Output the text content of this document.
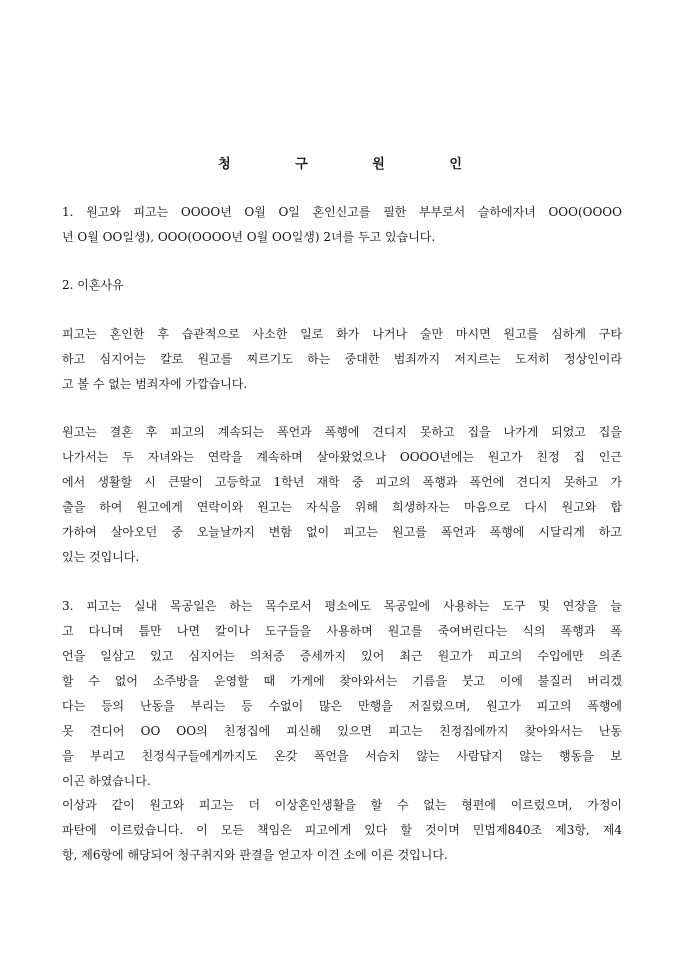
청 구 원 인
1. 원고와 피고는 OOOO년 O월 O일 혼인신고를 필한 부부로서 슬하에자녀 OOO(OOOO
년 O월 OO일생), OOO(OOOO년 O월 OO일생) 2녀를 두고 있습니다.
2. 이혼사유
피고는 혼인한 후 습관적으로 사소한 일로 화가 나거나 술만 마시면 원고를 심하게 구타
하고 심지어는 칼로 원고를 찌르기도 하는 중대한 범죄까지 저지르는 도저히 정상인이라
고 볼 수 없는 범죄자에 가깝습니다.
원고는 결혼 후 피고의 계속되는 폭언과 폭행에 견디지 못하고 집을 나가게 되었고 집을
나가서는 두 자녀와는 연락을 계속하며 살아왔었으나 OOOO년에는 원고가 친정 집 인근
에서 생활할 시 큰딸이 고등학교 1학년 재학 중 피고의 폭행과 폭언에 견디지 못하고 가
출을 하여 원고에게 연락이와 원고는 자식을 위해 희생하자는 마음으로 다시 원고와 합
가하여 살아오던 중 오늘날까지 변함 없이 피고는 원고를 폭언과 폭행에 시달리게 하고
있는 것입니다.
3. 피고는 실내 목공일은 하는 목수로서 평소에도 목공일에 사용하는 도구 및 연장을 늘
고 다니며 틈만 나면 칼이나 도구들을 사용하며 원고를 죽여버린다는 식의 폭행과 폭
언을 일삼고 있고 심지어는 의처증 증세까지 있어 최근 원고가 피고의 수입에만 의존
할 수 없어 소주방을 운영할 때 가게에 찾아와서는 기름을 붓고 이에 불질러 버리겠
다는 등의 난동을 부리는 등 수없이 많은 만행을 저질렀으며, 원고가 피고의 폭행에
못 견디어 OO OO의 친정집에 피신해 있으면 피고는 친정집에까지 찾아와서는 난동
을 부리고 친정식구들에게까지도 온갖 폭언을 서슴치 않는 사람답지 않는 행동을 보
이곤 하였습니다.
이상과 같이 원고와 피고는 더 이상혼인생활을 할 수 없는 형편에 이르렀으며, 가정이
파탄에 이르렀습니다. 이 모든 책임은 피고에게 있다 할 것이며 민법제840조 제3항, 제4
항, 제6항에 해당되어 청구취지와 판결을 얻고자 이건 소에 이른 것입니다.
